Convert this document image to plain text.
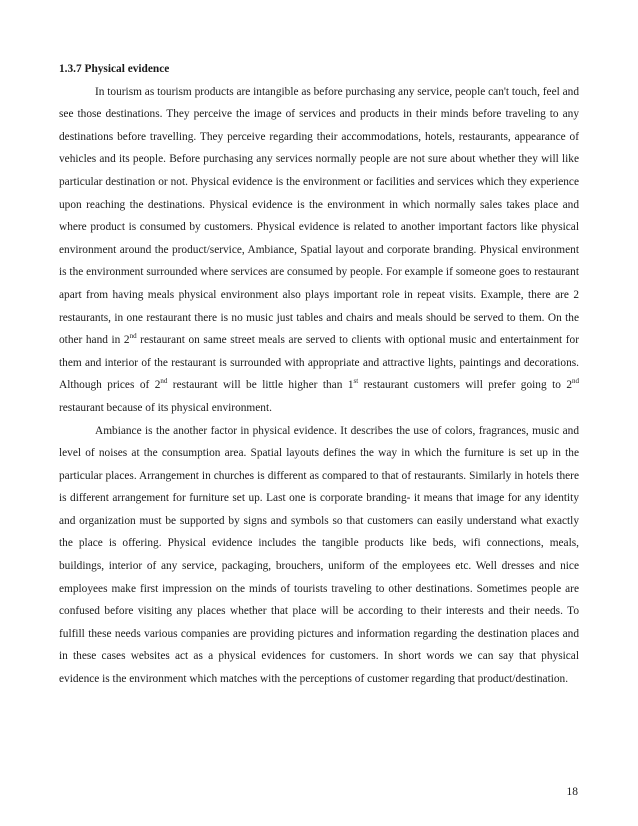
1.3.7 Physical evidence

In tourism as tourism products are intangible as before purchasing any service, people can't touch, feel and see those destinations. They perceive the image of services and products in their minds before traveling to any destinations before travelling. They perceive regarding their accommodations, hotels, restaurants, appearance of vehicles and its people. Before purchasing any services normally people are not sure about whether they will like particular destination or not. Physical evidence is the environment or facilities and services which they experience upon reaching the destinations. Physical evidence is the environment in which normally sales takes place and where product is consumed by customers. Physical evidence is related to another important factors like physical environment around the product/service, Ambiance, Spatial layout and corporate branding. Physical environment is the environment surrounded where services are consumed by people. For example if someone goes to restaurant apart from having meals physical environment also plays important role in repeat visits. Example, there are 2 restaurants, in one restaurant there is no music just tables and chairs and meals should be served to them. On the other hand in 2nd restaurant on same street meals are served to clients with optional music and entertainment for them and interior of the restaurant is surrounded with appropriate and attractive lights, paintings and decorations. Although prices of 2nd restaurant will be little higher than 1st restaurant customers will prefer going to 2nd restaurant because of its physical environment.

Ambiance is the another factor in physical evidence. It describes the use of colors, fragrances, music and level of noises at the consumption area. Spatial layouts defines the way in which the furniture is set up in the particular places. Arrangement in churches is different as compared to that of restaurants. Similarly in hotels there is different arrangement for furniture set up. Last one is corporate branding- it means that image for any identity and organization must be supported by signs and symbols so that customers can easily understand what exactly the place is offering. Physical evidence includes the tangible products like beds, wifi connections, meals, buildings, interior of any service, packaging, brouchers, uniform of the employees etc. Well dresses and nice employees make first impression on the minds of tourists traveling to other destinations. Sometimes people are confused before visiting any places whether that place will be according to their interests and their needs. To fulfill these needs various companies are providing pictures and information regarding the destination places and in these cases websites act as a physical evidences for customers. In short words we can say that physical evidence is the environment which matches with the perceptions of customer regarding that product/destination.

18
